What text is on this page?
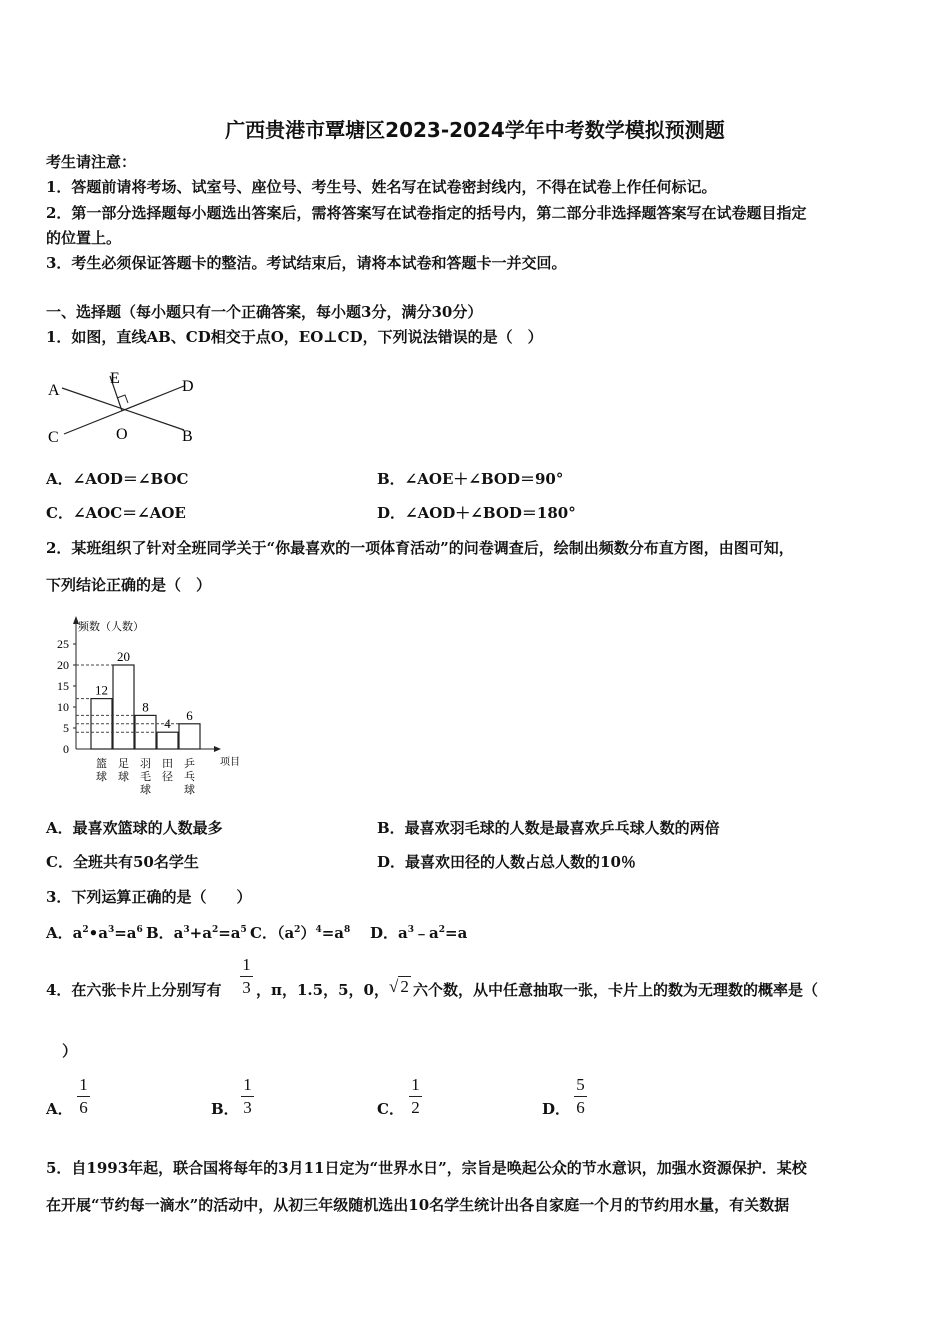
广西贵港市覃塘区2023-2024学年中考数学模拟预测题
考生请注意：
1．答题前请将考场、试室号、座位号、考生号、姓名写在试卷密封线内，不得在试卷上作任何标记。
2．第一部分选择题每小题选出答案后，需将答案写在试卷指定的括号内，第二部分非选择题答案写在试卷题目指定
的位置上。
3．考生必须保证答题卡的整洁。考试结束后，请将本试卷和答题卡一并交回。
一、选择题（每小题只有一个正确答案，每小题3分，满分30分）
1．如图，直线AB、CD相交于点O，EO⊥CD，下列说法错误的是（　）
A
E	D
C	O	B
A．∠AOD＝∠BOC	B．∠AOE＋∠BOD＝90°
C．∠AOC＝∠AOE	D．∠AOD＋∠BOD＝180°
2．某班组织了针对全班同学关于“你最喜欢的一项体育活动”的问卷调查后，绘制出频数分布直方图，由图可知，
下列结论正确的是（　）
频数（人数）
项目
0
5
10
15
20
25
12
篮球
20
足球
8
羽毛球
4
田径
6
乒乓球
A．最喜欢篮球的人数最多	B．最喜欢羽毛球的人数是最喜欢乒乓球人数的两倍
C．全班共有50名学生	D．最喜欢田径的人数占总人数的10％
3．下列运算正确的是（　　）
A．$a^2•a^3=a^6$ B．$a^3+a^2=a^5$ C．$(a^2)^4=a^8$ D．$a^3﹣a^2=a$
4．在六张卡片上分别写有
1
3 ，π，1.5，5，0， √ 2 六个数，从中任意抽取一张，卡片上的数为无理数的概率是（
）
A．
1
6	B．
1
3	C．
1
2	D．
5
6
5．自1993年起，联合国将每年的3月11日定为“世界水日”，宗旨是唤起公众的节水意识，加强水资源保护．某校
在开展“节约每一滴水”的活动中，从初三年级随机选出10名学生统计出各自家庭一个月的节约用水量，有关数据
